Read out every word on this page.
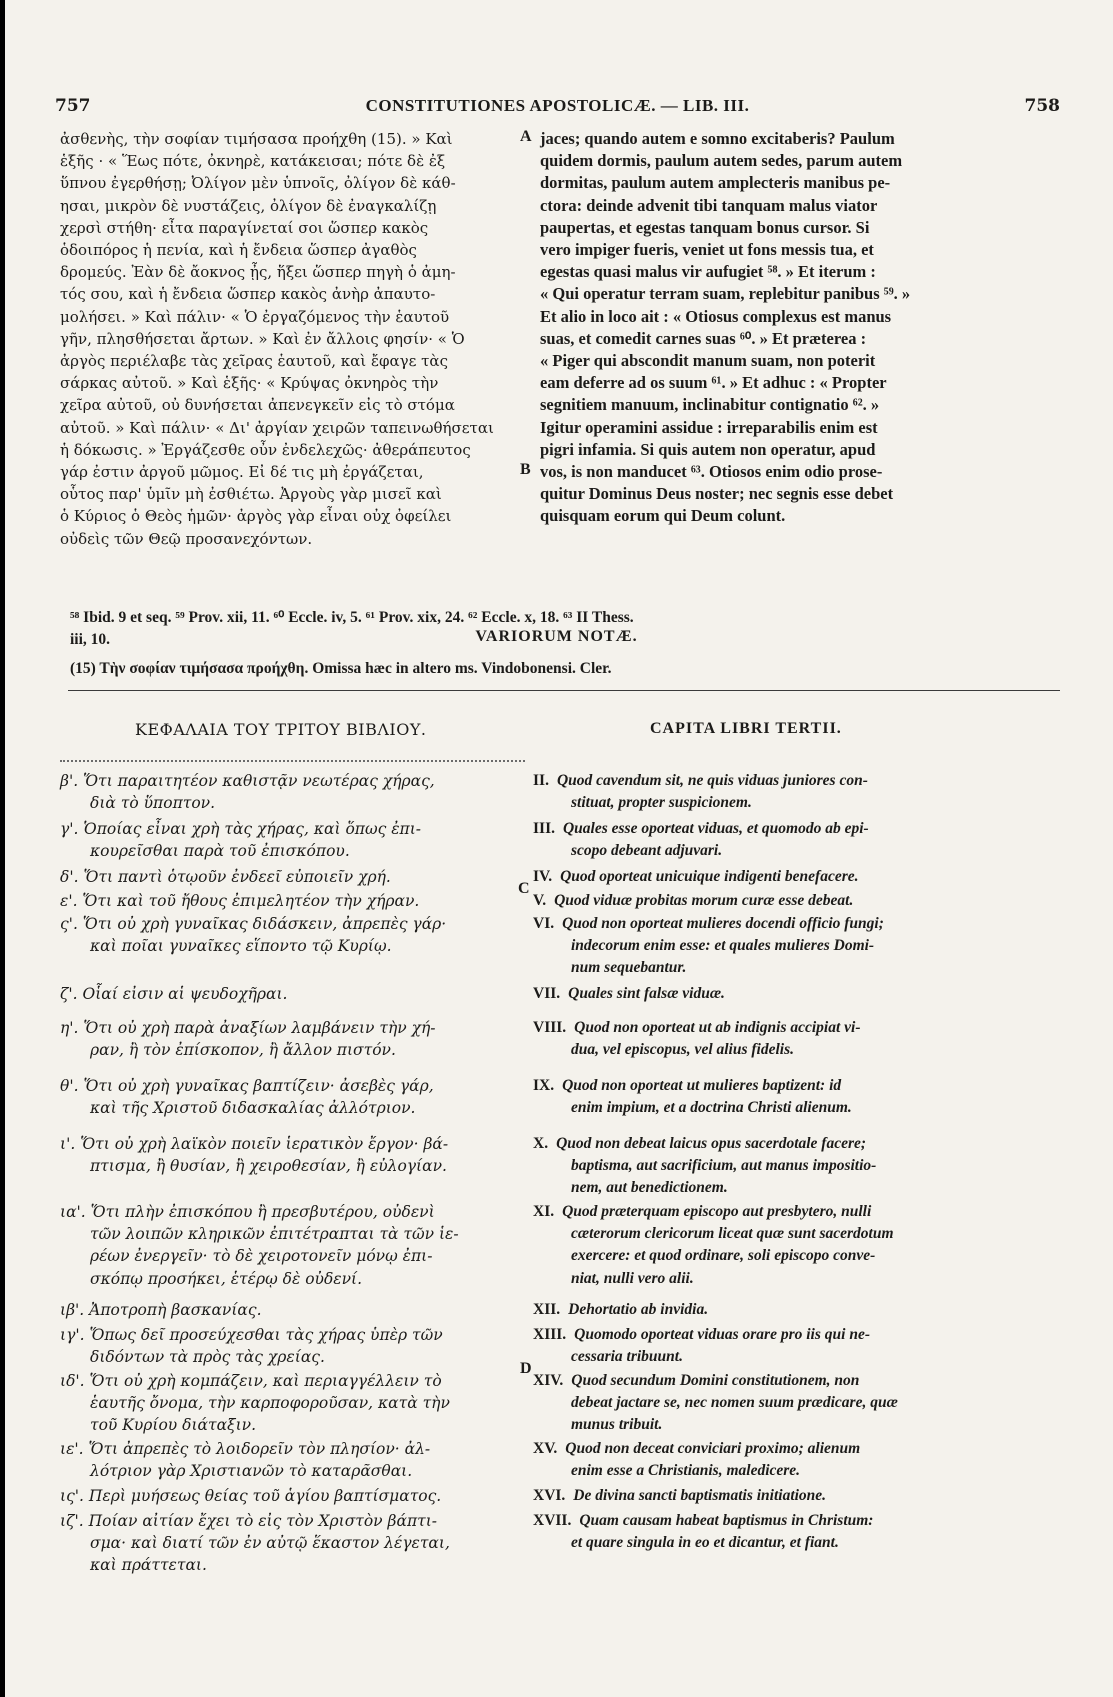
757	CONSTITUTIONES APOSTOLICÆ. — LIB. III.	758

ἀσθενὴς, τὴν σοφίαν τιμήσασα προήχθη (15). » Καὶ

ἑξῆς · « Ἕως πότε, ὀκνηρὲ, κατάκεισαι; πότε δὲ ἐξ

ὕπνου ἐγερθήσῃ; Ὀλίγον μὲν ὑπνοῖς, ὀλίγον δὲ κάθ-

ησαι, μικρὸν δὲ νυστάζεις, ὀλίγον δὲ ἐναγκαλίζῃ

χερσὶ στήθη· εἶτα παραγίνεταί σοι ὥσπερ κακὸς

ὁδοιπόρος ἡ πενία, καὶ ἡ ἔνδεια ὥσπερ ἀγαθὸς

δρομεύς. Ἐὰν δὲ ἄοκνος ᾖς, ἥξει ὥσπερ πηγὴ ὁ ἀμη-

τός σου, καὶ ἡ ἔνδεια ὥσπερ κακὸς ἀνὴρ ἀπαυτο-

μολήσει. » Καὶ πάλιν· « Ὁ ἐργαζόμενος τὴν ἑαυτοῦ

γῆν, πλησθήσεται ἄρτων. » Καὶ ἐν ἄλλοις φησίν· « Ὁ

ἀργὸς περιέλαβε τὰς χεῖρας ἑαυτοῦ, καὶ ἔφαγε τὰς

σάρκας αὐτοῦ. » Καὶ ἑξῆς· « Κρύψας ὀκνηρὸς τὴν

χεῖρα αὐτοῦ, οὐ δυνήσεται ἀπενεγκεῖν εἰς τὸ στόμα

αὐτοῦ. » Καὶ πάλιν· « Δι' ἀργίαν χειρῶν ταπεινωθήσεται

ἡ δόκωσις. » Ἐργάζεσθε οὖν ἐνδελεχῶς· ἀθεράπευτος

γάρ ἐστιν ἀργοῦ μῶμος. Εἰ δέ τις μὴ ἐργάζεται,

οὗτος παρ' ὑμῖν μὴ ἐσθιέτω. Ἀργοὺς γὰρ μισεῖ καὶ

ὁ Κύριος ὁ Θεὸς ἡμῶν· ἀργὸς γὰρ εἶναι οὐχ ὀφείλει

οὐδεὶς τῶν Θεῷ προσανεχόντων.

jaces; quando autem e somno excitaberis? Paulum

quidem dormis, paulum autem sedes, parum autem

dormitas, paulum autem amplecteris manibus pe-

ctora: deinde advenit tibi tanquam malus viator

paupertas, et egestas tanquam bonus cursor. Si

vero impiger fueris, veniet ut fons messis tua, et

egestas quasi malus vir aufugiet ⁵⁸. » Et iterum :

« Qui operatur terram suam, replebitur panibus ⁵⁹. »

Et alio in loco ait : « Otiosus complexus est manus

suas, et comedit carnes suas ⁶⁰. » Et præterea :

« Piger qui abscondit manum suam, non poterit

eam deferre ad os suum ⁶¹. » Et adhuc : « Propter

segnitiem manuum, inclinabitur contignatio ⁶². »

Igitur operamini assidue : irreparabilis enim est

pigri infamia. Si quis autem non operatur, apud

vos, is non manducet ⁶³. Otiosos enim odio prose-

quitur Dominus Deus noster; nec segnis esse debet

quisquam eorum qui Deum colunt.

A
B
C
D

⁵⁸ Ibid. 9 et seq. ⁵⁹ Prov. xii, 11. ⁶⁰ Eccle. iv, 5. ⁶¹ Prov. xix, 24. ⁶² Eccle. x, 18. ⁶³ II Thess.

iii, 10.	VARIORUM NOTÆ.
(15) Τὴν σοφίαν τιμήσασα προήχθη. Omissa hæc in altero ms. Vindobonensi. Cler.
ΚΕΦΑΛΑΙΑ ΤΟΥ ΤΡΙΤΟΥ ΒΙΒΛΙΟΥ.	CAPITA LIBRI TERTII.
β'. Ὅτι παραιτητέον καθιστᾷν νεωτέρας χήρας,
διὰ τὸ ὕποπτον.
γ'. Ὁποίας εἶναι χρὴ τὰς χήρας, καὶ ὅπως ἐπι-
κουρεῖσθαι παρὰ τοῦ ἐπισκόπου.
δ'. Ὅτι παντὶ ὁτῳοῦν ἐνδεεῖ εὐποιεῖν χρή.
ε'. Ὅτι καὶ τοῦ ἤθους ἐπιμελητέον τὴν χήραν.
ς'. Ὅτι οὐ χρὴ γυναῖκας διδάσκειν, ἀπρεπὲς γάρ·
καὶ ποῖαι γυναῖκες εἵποντο τῷ Κυρίῳ.
ζ'. Οἷαί εἰσιν αἱ ψευδοχῆραι.
η'. Ὅτι οὐ χρὴ παρὰ ἀναξίων λαμβάνειν τὴν χή-
ραν, ἢ τὸν ἐπίσκοπον, ἢ ἄλλον πιστόν.
θ'. Ὅτι οὐ χρὴ γυναῖκας βαπτίζειν· ἀσεβὲς γάρ,
καὶ τῆς Χριστοῦ διδασκαλίας ἀλλότριον.
ι'. Ὅτι οὐ χρὴ λαϊκὸν ποιεῖν ἱερατικὸν ἔργον· βά-
πτισμα, ἢ θυσίαν, ἢ χειροθεσίαν, ἢ εὐλογίαν.
ια'. Ὅτι πλὴν ἐπισκόπου ἢ πρεσβυτέρου, οὐδενὶ
τῶν λοιπῶν κληρικῶν ἐπιτέτραπται τὰ τῶν ἱε-
ρέων ἐνεργεῖν· τὸ δὲ χειροτονεῖν μόνῳ ἐπι-
σκόπῳ προσήκει, ἑτέρῳ δὲ οὐδενί.
ιβ'. Ἀποτροπὴ βασκανίας.
ιγ'. Ὅπως δεῖ προσεύχεσθαι τὰς χήρας ὑπὲρ τῶν
διδόντων τὰ πρὸς τὰς χρείας.
ιδ'. Ὅτι οὐ χρὴ κομπάζειν, καὶ περιαγγέλλειν τὸ
ἑαυτῆς ὄνομα, τὴν καρποφοροῦσαν, κατὰ τὴν
τοῦ Κυρίου διάταξιν.
ιε'. Ὅτι ἀπρεπὲς τὸ λοιδορεῖν τὸν πλησίον· ἀλ-
λότριον γὰρ Χριστιανῶν τὸ καταρᾶσθαι.
ις'. Περὶ μυήσεως θείας τοῦ ἁγίου βαπτίσματος.
ιζ'. Ποίαν αἰτίαν ἔχει τὸ εἰς τὸν Χριστὸν βάπτι-
σμα· καὶ διατί τῶν ἐν αὐτῷ ἕκαστον λέγεται,
καὶ πράττεται.
II. Quod cavendum sit, ne quis viduas juniores con-
stituat, propter suspicionem.
III. Quales esse oporteat viduas, et quomodo ab epi-
scopo debeant adjuvari.
IV. Quod oporteat unicuique indigenti benefacere.
V. Quod viduæ probitas morum curæ esse debeat.
VI. Quod non oporteat mulieres docendi officio fungi;
indecorum enim esse: et quales mulieres Domi-
num sequebantur.
VII. Quales sint falsæ viduæ.
VIII. Quod non oporteat ut ab indignis accipiat vi-
dua, vel episcopus, vel alius fidelis.
IX. Quod non oporteat ut mulieres baptizent: id
enim impium, et a doctrina Christi alienum.
X. Quod non debeat laicus opus sacerdotale facere;
baptisma, aut sacrificium, aut manus impositio-
nem, aut benedictionem.
XI. Quod præterquam episcopo aut presbytero, nulli
cæterorum clericorum liceat quæ sunt sacerdotum
exercere: et quod ordinare, soli episcopo conve-
niat, nulli vero alii.
XII. Dehortatio ab invidia.
XIII. Quomodo oporteat viduas orare pro iis qui ne-
cessaria tribuunt.
XIV. Quod secundum Domini constitutionem, non
debeat jactare se, nec nomen suum prædicare, quæ
munus tribuit.
XV. Quod non deceat conviciari proximo; alienum
enim esse a Christianis, maledicere.
XVI. De divina sancti baptismatis initiatione.
XVII. Quam causam habeat baptismus in Christum:
et quare singula in eo et dicantur, et fiant.
